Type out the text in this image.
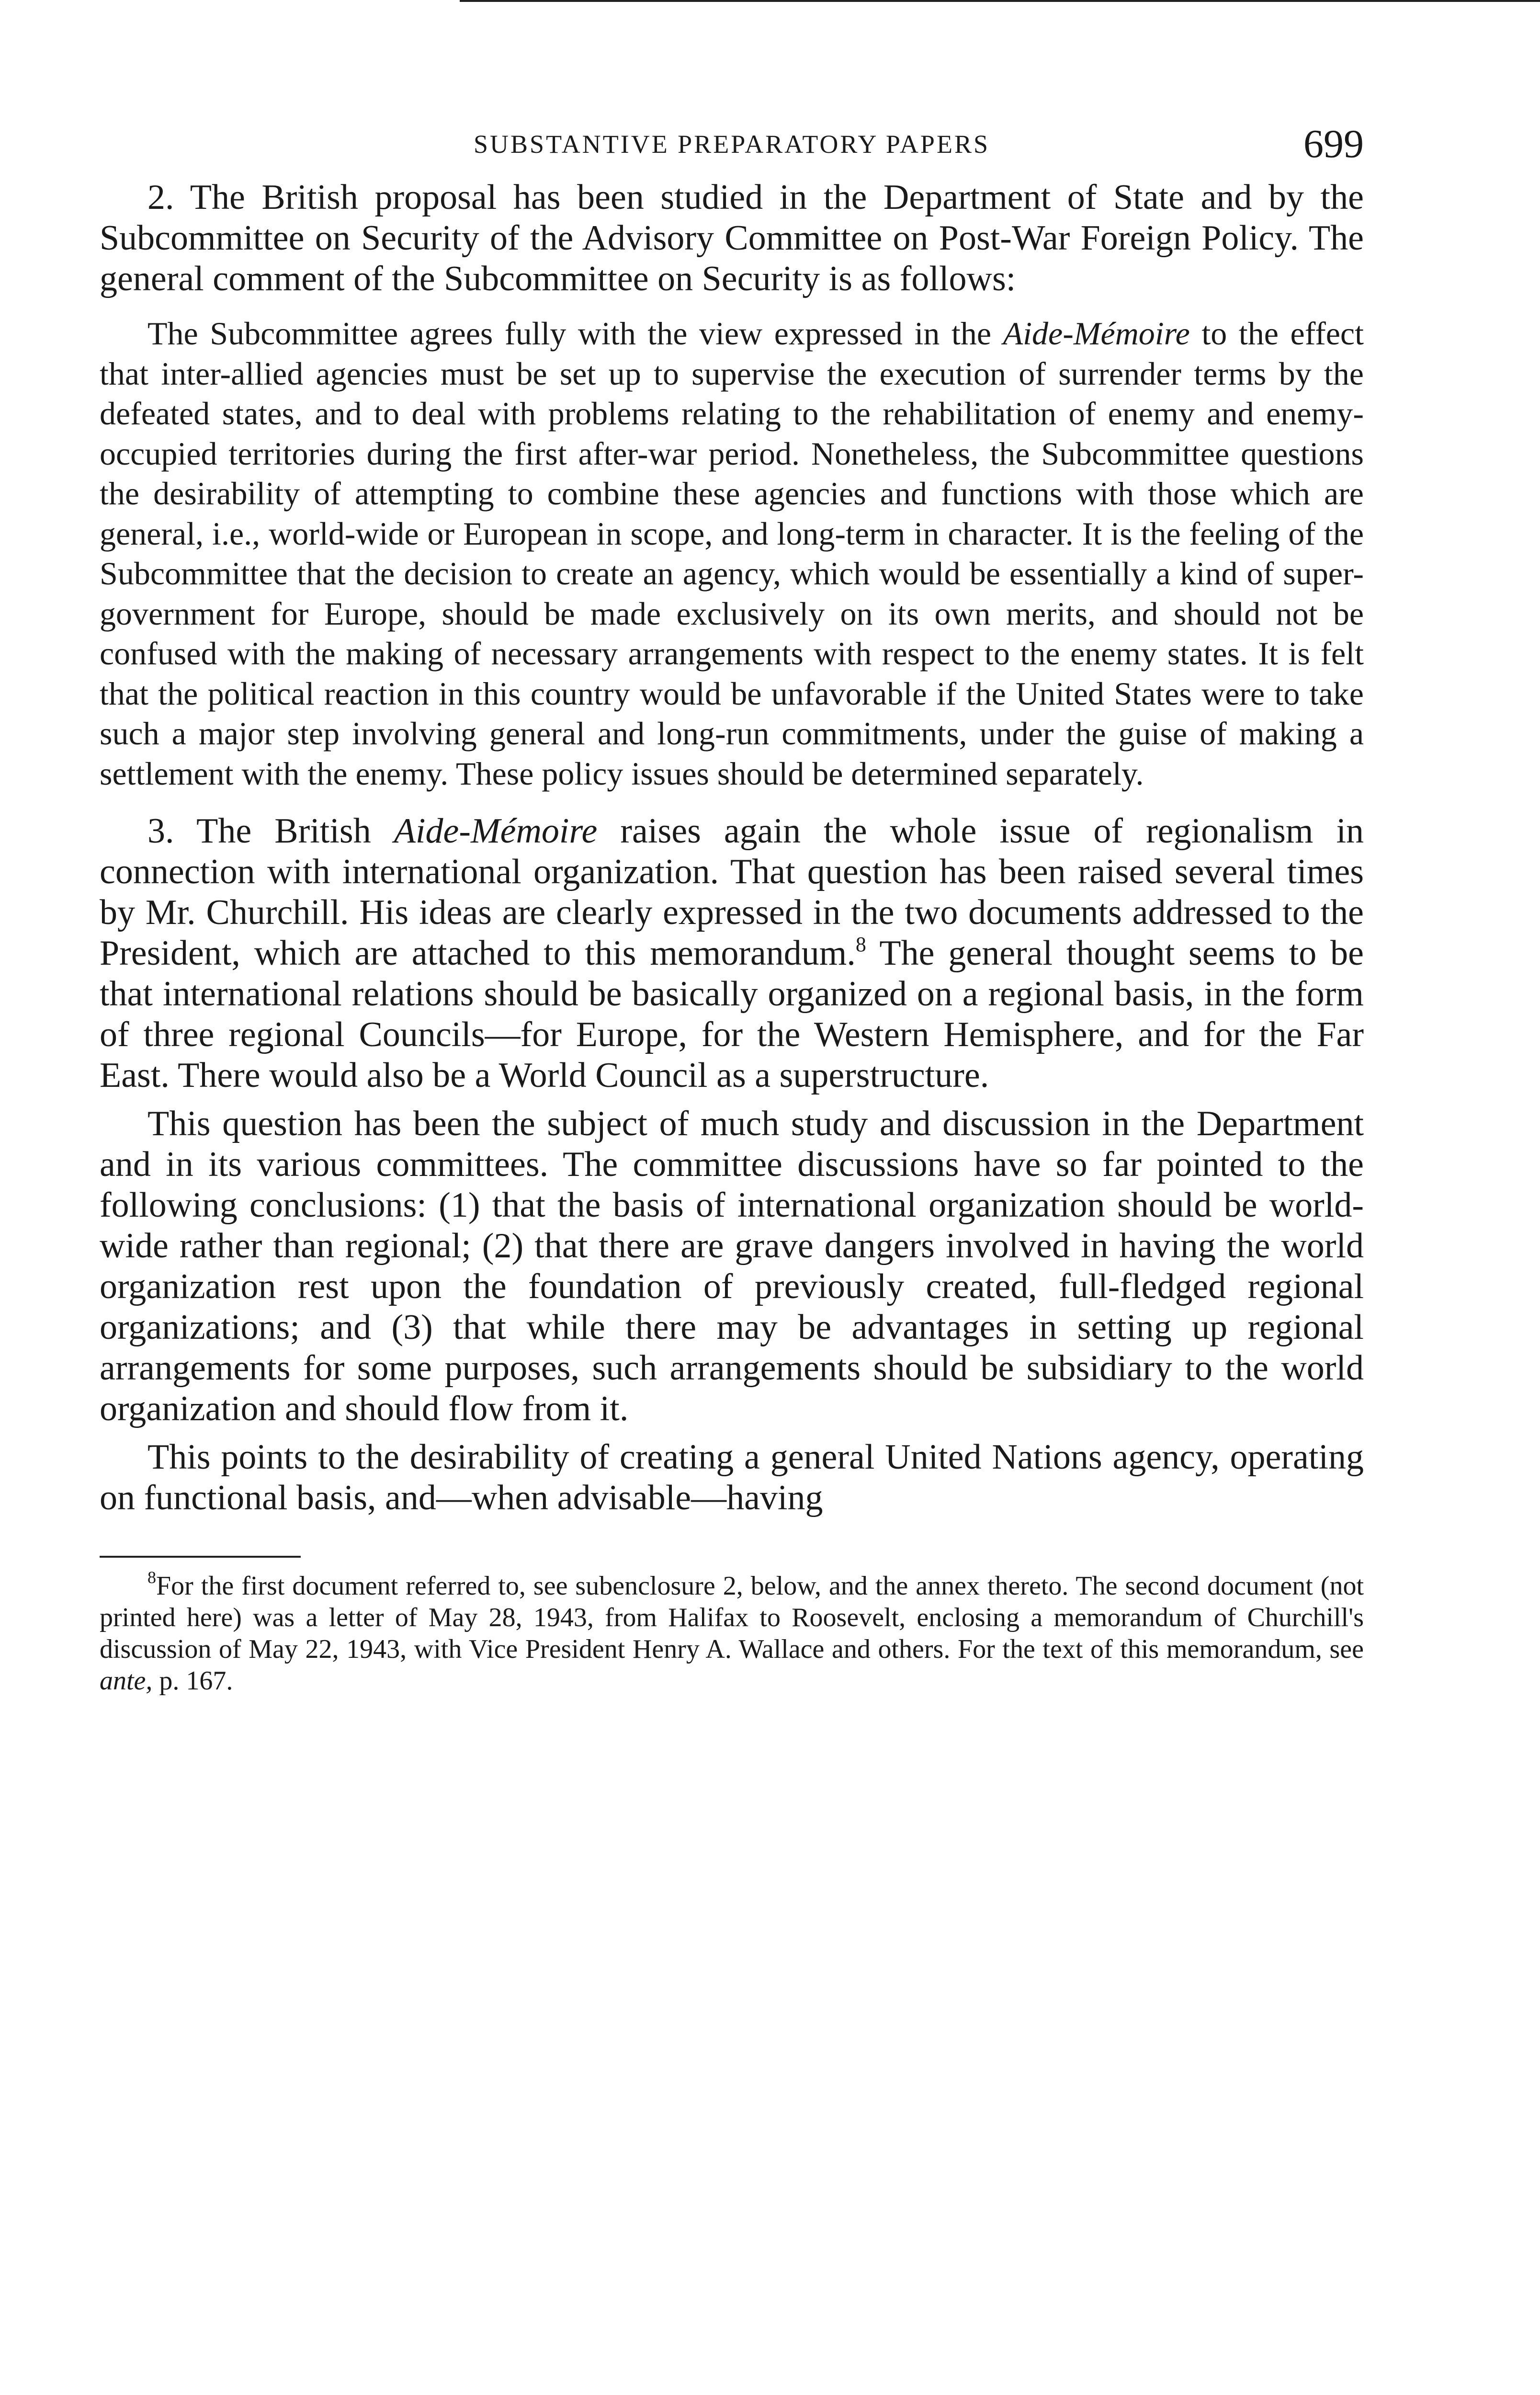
SUBSTANTIVE PREPARATORY PAPERS	699

2. The British proposal has been studied in the Department of State and by the Subcommittee on Security of the Advisory Committee on Post-War Foreign Policy. The general comment of the Subcommittee on Security is as follows:

The Subcommittee agrees fully with the view expressed in the Aide-Mémoire to the effect that inter-allied agencies must be set up to supervise the execution of surrender terms by the defeated states, and to deal with problems relating to the rehabilitation of enemy and enemy-occupied territories during the first after-war period. Nonetheless, the Subcommittee questions the desirability of attempting to combine these agencies and functions with those which are general, i.e., world-wide or European in scope, and long-term in character. It is the feeling of the Subcommittee that the decision to create an agency, which would be essentially a kind of super-government for Europe, should be made exclusively on its own merits, and should not be confused with the making of necessary arrangements with respect to the enemy states. It is felt that the political reaction in this country would be unfavorable if the United States were to take such a major step involving general and long-run commitments, under the guise of making a settlement with the enemy. These policy issues should be determined separately.

3. The British Aide-Mémoire raises again the whole issue of regionalism in connection with international organization. That question has been raised several times by Mr. Churchill. His ideas are clearly expressed in the two documents addressed to the President, which are attached to this memorandum.$^8$ The general thought seems to be that international relations should be basically organized on a regional basis, in the form of three regional Councils—for Europe, for the Western Hemisphere, and for the Far East. There would also be a World Council as a superstructure.

This question has been the subject of much study and discussion in the Department and in its various committees. The committee discussions have so far pointed to the following conclusions: (1) that the basis of international organization should be world-wide rather than regional; (2) that there are grave dangers involved in having the world organization rest upon the foundation of previously created, full-fledged regional organizations; and (3) that while there may be advantages in setting up regional arrangements for some purposes, such arrangements should be subsidiary to the world organization and should flow from it.

This points to the desirability of creating a general United Nations agency, operating on functional basis, and—when advisable—having

$^8$For the first document referred to, see subenclosure 2, below, and the annex thereto. The second document (not printed here) was a letter of May 28, 1943, from Halifax to Roosevelt, enclosing a memorandum of Churchill's discussion of May 22, 1943, with Vice President Henry A. Wallace and others. For the text of this memorandum, see ante, p. 167.
